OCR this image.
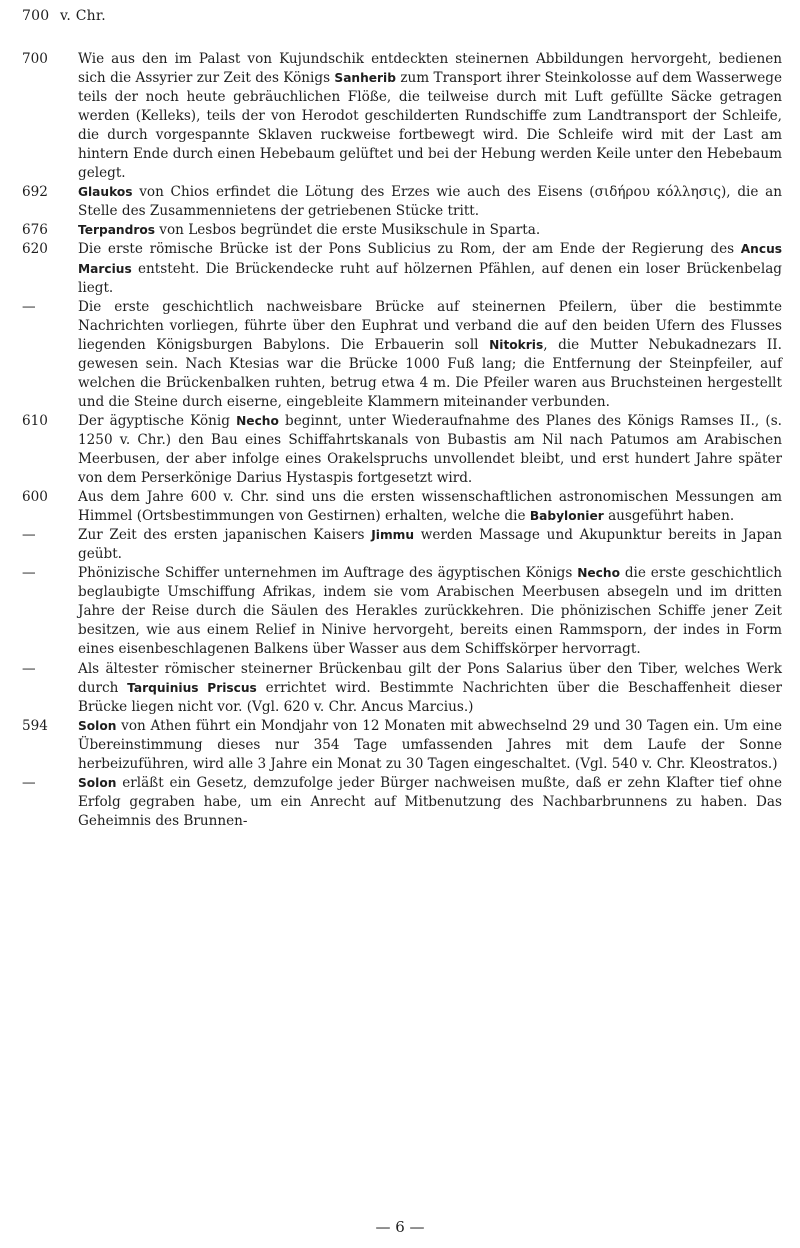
700 v. Chr.
700	Wie aus den im Palast von Kujundschik entdeckten steinernen Abbildungen hervorgeht, bedienen sich die Assyrier zur Zeit des Königs Sanherib zum Transport ihrer Steinkolosse auf dem Wasserwege teils der noch heute gebräuchlichen Flöße, die teilweise durch mit Luft gefüllte Säcke getragen werden (Kelleks), teils der von Herodot geschilderten Rundschiffe zum Landtransport der Schleife, die durch vorgespannte Sklaven ruckweise fortbewegt wird. Die Schleife wird mit der Last am hintern Ende durch einen Hebebaum gelüftet und bei der Hebung werden Keile unter den Hebebaum gelegt.
692	Glaukos von Chios erfindet die Lötung des Erzes wie auch des Eisens (σιδήρου κόλλησις), die an Stelle des Zusammennietens der getriebenen Stücke tritt.
676	Terpandros von Lesbos begründet die erste Musikschule in Sparta.
620	Die erste römische Brücke ist der Pons Sublicius zu Rom, der am Ende der Regierung des Ancus Marcius entsteht. Die Brückendecke ruht auf hölzernen Pfählen, auf denen ein loser Brückenbelag liegt.
—	Die erste geschichtlich nachweisbare Brücke auf steinernen Pfeilern, über die bestimmte Nachrichten vorliegen, führte über den Euphrat und verband die auf den beiden Ufern des Flusses liegenden Königsburgen Babylons. Die Erbauerin soll Nitokris, die Mutter Nebukadnezars II. gewesen sein. Nach Ktesias war die Brücke 1000 Fuß lang; die Entfernung der Steinpfeiler, auf welchen die Brückenbalken ruhten, betrug etwa 4 m. Die Pfeiler waren aus Bruchsteinen hergestellt und die Steine durch eiserne, eingebleite Klammern miteinander verbunden.
610	Der ägyptische König Necho beginnt, unter Wiederaufnahme des Planes des Königs Ramses II., (s. 1250 v. Chr.) den Bau eines Schiffahrtskanals von Bubastis am Nil nach Patumos am Arabischen Meerbusen, der aber infolge eines Orakelspruchs unvollendet bleibt, und erst hundert Jahre später von dem Perserkönige Darius Hystaspis fortgesetzt wird.
600	Aus dem Jahre 600 v. Chr. sind uns die ersten wissenschaftlichen astronomischen Messungen am Himmel (Ortsbestimmungen von Gestirnen) erhalten, welche die Babylonier ausgeführt haben.
—	Zur Zeit des ersten japanischen Kaisers Jimmu werden Massage und Akupunktur bereits in Japan geübt.
—	Phönizische Schiffer unternehmen im Auftrage des ägyptischen Königs Necho die erste geschichtlich beglaubigte Umschiffung Afrikas, indem sie vom Arabischen Meerbusen absegeln und im dritten Jahre der Reise durch die Säulen des Herakles zurückkehren. Die phönizischen Schiffe jener Zeit besitzen, wie aus einem Relief in Ninive hervorgeht, bereits einen Rammsporn, der indes in Form eines eisenbeschlagenen Balkens über Wasser aus dem Schiffskörper hervorragt.
—	Als ältester römischer steinerner Brückenbau gilt der Pons Salarius über den Tiber, welches Werk durch Tarquinius Priscus errichtet wird. Bestimmte Nachrichten über die Beschaffenheit dieser Brücke liegen nicht vor. (Vgl. 620 v. Chr. Ancus Marcius.)
594	Solon von Athen führt ein Mondjahr von 12 Monaten mit abwechselnd 29 und 30 Tagen ein. Um eine Übereinstimmung dieses nur 354 Tage umfassenden Jahres mit dem Laufe der Sonne herbeizuführen, wird alle 3 Jahre ein Monat zu 30 Tagen eingeschaltet. (Vgl. 540 v. Chr. Kleostratos.)
—	Solon erläßt ein Gesetz, demzufolge jeder Bürger nachweisen mußte, daß er zehn Klafter tief ohne Erfolg gegraben habe, um ein Anrecht auf Mitbenutzung des Nachbarbrunnens zu haben. Das Geheimnis des Brunnen-
— 6 —
